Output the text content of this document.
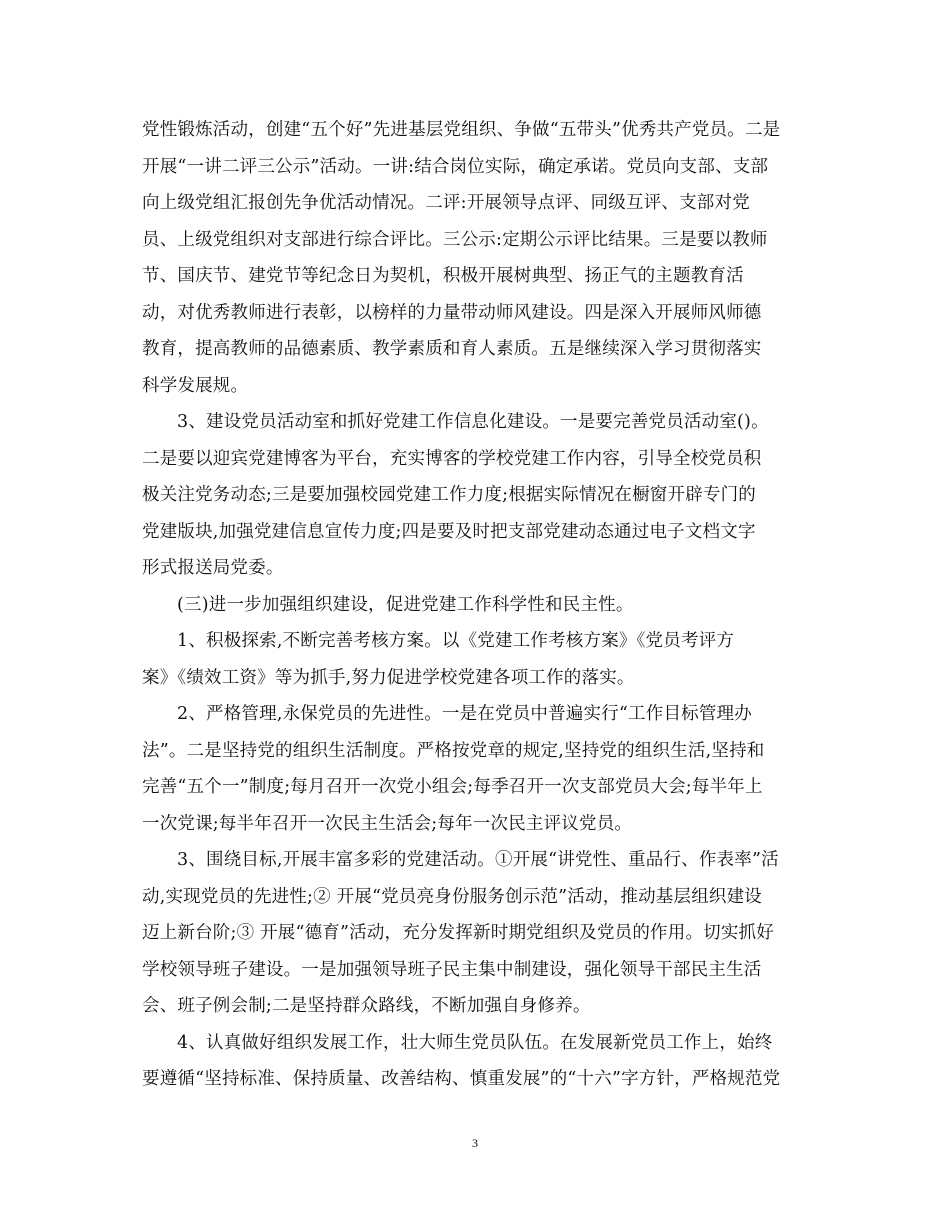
党性锻炼活动，创建“五个好”先进基层党组织、争做“五带头”优秀共产党员。二是
开展“一讲二评三公示”活动。一讲:结合岗位实际，确定承诺。党员向支部、支部
向上级党组汇报创先争优活动情况。二评:开展领导点评、同级互评、支部对党
员、上级党组织对支部进行综合评比。三公示:定期公示评比结果。三是要以教师
节、国庆节、建党节等纪念日为契机，积极开展树典型、扬正气的主题教育活
动，对优秀教师进行表彰，以榜样的力量带动师风建设。四是深入开展师风师德
教育，提高教师的品德素质、教学素质和育人素质。五是继续深入学习贯彻落实
科学发展规。
3、建设党员活动室和抓好党建工作信息化建设。一是要完善党员活动室()。
二是要以迎宾党建博客为平台，充实博客的学校党建工作内容，引导全校党员积
极关注党务动态;三是要加强校园党建工作力度;根据实际情况在橱窗开辟专门的
党建版块,加强党建信息宣传力度;四是要及时把支部党建动态通过电子文档文字
形式报送局党委。
(三)进一步加强组织建设，促进党建工作科学性和民主性。
1、积极探索,不断完善考核方案。以《党建工作考核方案》《党员考评方
案》《绩效工资》等为抓手,努力促进学校党建各项工作的落实。
2、严格管理,永保党员的先进性。一是在党员中普遍实行“工作目标管理办
法”。二是坚持党的组织生活制度。严格按党章的规定,坚持党的组织生活,坚持和
完善“五个一”制度;每月召开一次党小组会;每季召开一次支部党员大会;每半年上
一次党课;每半年召开一次民主生活会;每年一次民主评议党员。
3、围绕目标,开展丰富多彩的党建活动。①开展“讲党性、重品行、作表率”活
动,实现党员的先进性;② 开展“党员亮身份服务创示范”活动，推动基层组织建设
迈上新台阶;③ 开展“德育”活动，充分发挥新时期党组织及党员的作用。切实抓好
学校领导班子建设。一是加强领导班子民主集中制建设，强化领导干部民主生活
会、班子例会制;二是坚持群众路线，不断加强自身修养。
4、认真做好组织发展工作，壮大师生党员队伍。在发展新党员工作上，始终
要遵循“坚持标准、保持质量、改善结构、慎重发展”的“十六”字方针，严格规范党
3
